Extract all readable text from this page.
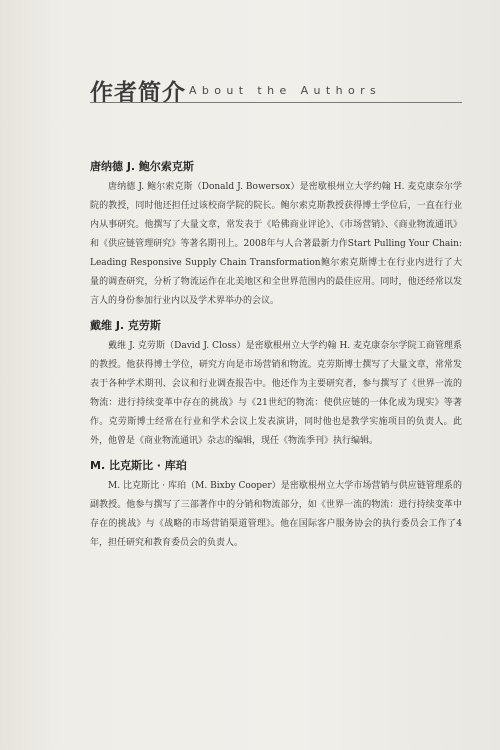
作者简介 About the Authors
唐纳德 J. 鲍尔索克斯

唐纳德 J. 鲍尔索克斯（Donald J. Bowersox）是密歇根州立大学约翰 H. 麦克康奈尔学院的教授，同时他还担任过该校商学院的院长。鲍尔索克斯教授获得博士学位后，一直在行业内从事研究。他撰写了大量文章，常发表于《哈佛商业评论》、《市场营销》、《商业物流通讯》和《供应链管理研究》等著名期刊上。2008年与人合著最新力作Start Pulling Your Chain: Leading Responsive Supply Chain Transformation鲍尔索克斯博士在行业内进行了大量的调查研究，分析了物流运作在北美地区和全世界范围内的最佳应用。同时，他还经常以发言人的身份参加行业内以及学术界举办的会议。

戴维 J. 克劳斯

戴维 J. 克劳斯（David J. Closs）是密歇根州立大学约翰 H. 麦克康奈尔学院工商管理系的教授。他获得博士学位，研究方向是市场营销和物流。克劳斯博士撰写了大量文章，常常发表于各种学术期刊、会议和行业调查报告中。他还作为主要研究者，参与撰写了《世界一流的物流：进行持续变革中存在的挑战》与《21世纪的物流：使供应链的一体化成为现实》等著作。克劳斯博士经常在行业和学术会议上发表演讲，同时他也是教学实施项目的负责人。此外，他曾是《商业物流通讯》杂志的编辑，现任《物流季刊》执行编辑。

M. 比克斯比 · 库珀

M. 比克斯比 · 库珀（M. Bixby Cooper）是密歇根州立大学市场营销与供应链管理系的副教授。他参与撰写了三部著作中的分销和物流部分，如《世界一流的物流：进行持续变革中存在的挑战》与《战略的市场营销渠道管理》。他在国际客户服务协会的执行委员会工作了4年，担任研究和教育委员会的负责人。
